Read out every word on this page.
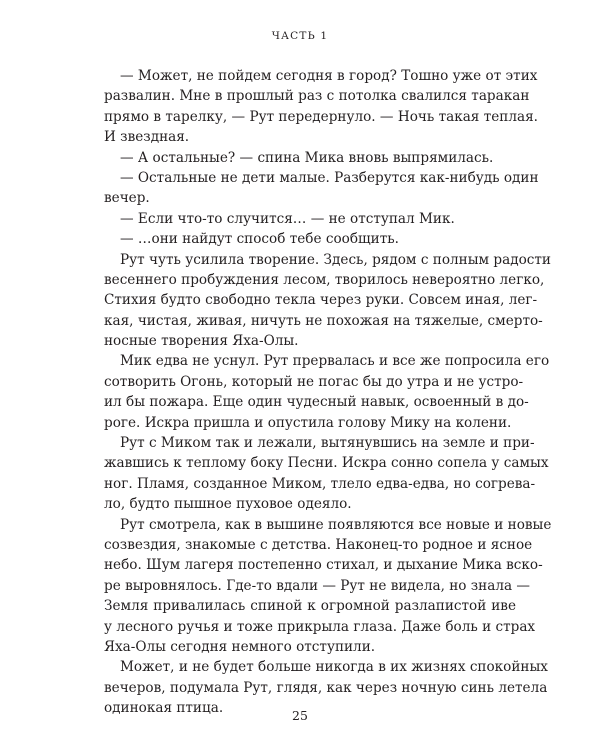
ЧАСТЬ 1

— Может, не пойдем сегодня в город? Тошно уже от этих
развалин. Мне в прошлый раз с потолка свалился таракан
прямо в тарелку, — Рут передернуло. — Ночь такая теплая.
И звездная.

— А остальные? — спина Мика вновь выпрямилась.

— Остальные не дети малые. Разберутся как-нибудь один
вечер.

— Если что-то случится… — не отступал Мик.

— …они найдут способ тебе сообщить.

Рут чуть усилила творение. Здесь, рядом с полным радости
весеннего пробуждения лесом, творилось невероятно легко,
Стихия будто свободно текла через руки. Совсем иная, лег-
кая, чистая, живая, ничуть не похожая на тяжелые, смерто-
носные творения Яха-Олы.

Мик едва не уснул. Рут прервалась и все же попросила его
сотворить Огонь, который не погас бы до утра и не устро-
ил бы пожара. Еще один чудесный навык, освоенный в до-
роге. Искра пришла и опустила голову Мику на колени.

Рут с Миком так и лежали, вытянувшись на земле и при-
жавшись к теплому боку Песни. Искра сонно сопела у самых
ног. Пламя, созданное Миком, тлело едва-едва, но согрева-
ло, будто пышное пуховое одеяло.

Рут смотрела, как в вышине появляются все новые и новые
созвездия, знакомые с детства. Наконец-то родное и ясное
небо. Шум лагеря постепенно стихал, и дыхание Мика вско-
ре выровнялось. Где-то вдали — Рут не видела, но знала —
Земля привалилась спиной к огромной разлапистой иве
у лесного ручья и тоже прикрыла глаза. Даже боль и страх
Яха-Олы сегодня немного отступили.

Может, и не будет больше никогда в их жизнях спокойных
вечеров, подумала Рут, глядя, как через ночную синь летела
одинокая птица.	25
